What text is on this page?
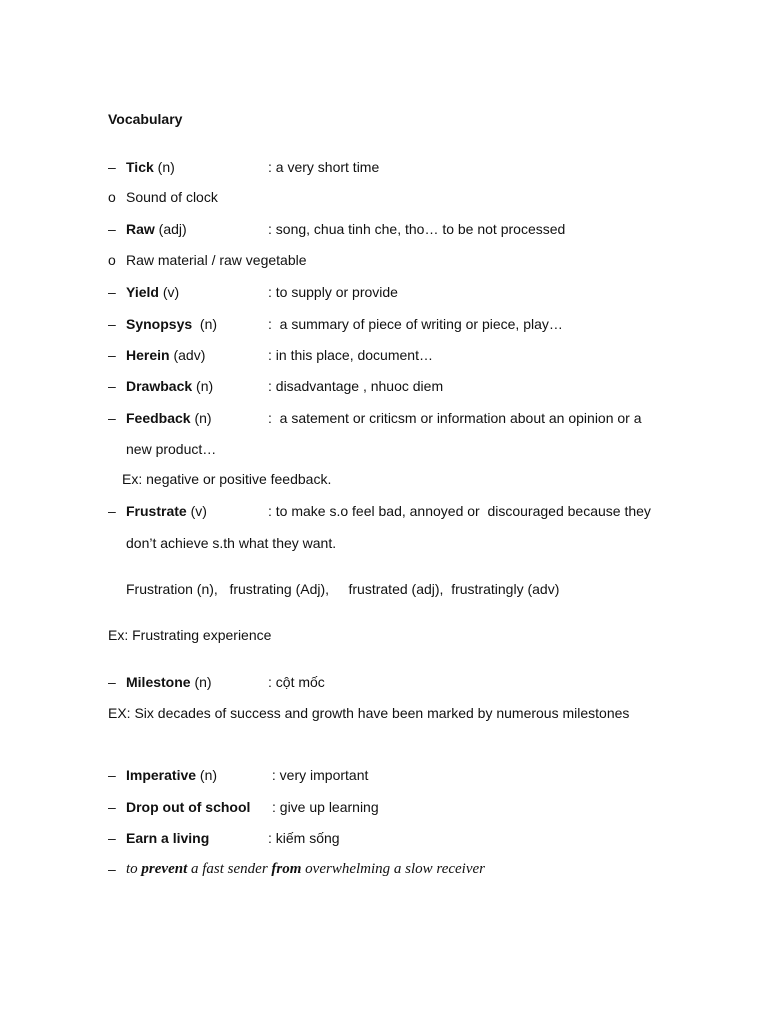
Vocabulary
– Tick (n)	: a very short time
o Sound of clock
– Raw (adj)	: song, chua tinh che, tho… to be not processed
o Raw material / raw vegetable
– Yield (v)	: to supply or provide
– Synopsys  (n)	:  a summary of piece of writing or piece, play…
– Herein (adv)	: in this place, document…
– Drawback (n)	: disadvantage , nhuoc diem
– Feedback (n)	:  a satement or criticsm or information about an opinion or a
new product…
Ex: negative or positive feedback.
– Frustrate (v)	: to make s.o feel bad, annoyed or  discouraged because they
don’t achieve s.th what they want.
Frustration (n),   frustrating (Adj),     frustrated (adj),  frustratingly (adv)
Ex: Frustrating experience
– Milestone (n)	: cột mốc
EX: Six decades of success and growth have been marked by numerous milestones
– Imperative (n)	: very important
– Drop out of school : give up learning
– Earn a living	: kiếm sống
– to prevent a fast sender from overwhelming a slow receiver
